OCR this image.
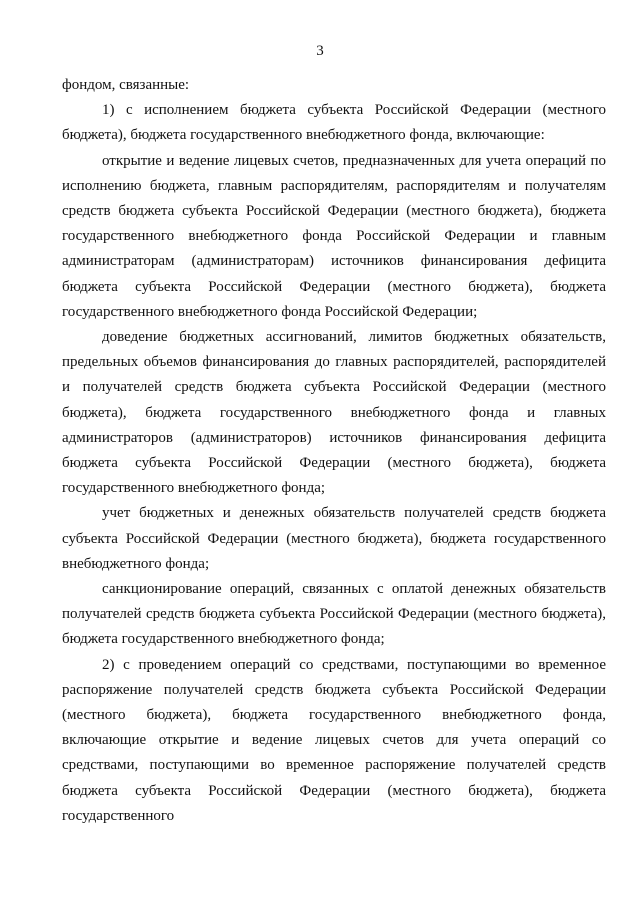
3

фондом, связанные:

1) с исполнением бюджета субъекта Российской Федерации (местного бюджета), бюджета государственного внебюджетного фонда, включающие:

открытие и ведение лицевых счетов, предназначенных для учета операций по исполнению бюджета, главным распорядителям, распорядителям и получателям средств бюджета субъекта Российской Федерации (местного бюджета), бюджета государственного внебюджетного фонда Российской Федерации и главным администраторам (администраторам) источников финансирования дефицита бюджета субъекта Российской Федерации (местного бюджета), бюджета государственного внебюджетного фонда Российской Федерации;

доведение бюджетных ассигнований, лимитов бюджетных обязательств, предельных объемов финансирования до главных распорядителей, распорядителей и получателей средств бюджета субъекта Российской Федерации (местного бюджета), бюджета государственного внебюджетного фонда и главных администраторов (администраторов) источников финансирования дефицита бюджета субъекта Российской Федерации (местного бюджета), бюджета государственного внебюджетного фонда;

учет бюджетных и денежных обязательств получателей средств бюджета субъекта Российской Федерации (местного бюджета), бюджета государственного внебюджетного фонда;

санкционирование операций, связанных с оплатой денежных обязательств получателей средств бюджета субъекта Российской Федерации (местного бюджета), бюджета государственного внебюджетного фонда;

2) с проведением операций со средствами, поступающими во временное распоряжение получателей средств бюджета субъекта Российской Федерации (местного бюджета), бюджета государственного внебюджетного фонда, включающие открытие и ведение лицевых счетов для учета операций со средствами, поступающими во временное распоряжение получателей средств бюджета субъекта Российской Федерации (местного бюджета), бюджета государственного
